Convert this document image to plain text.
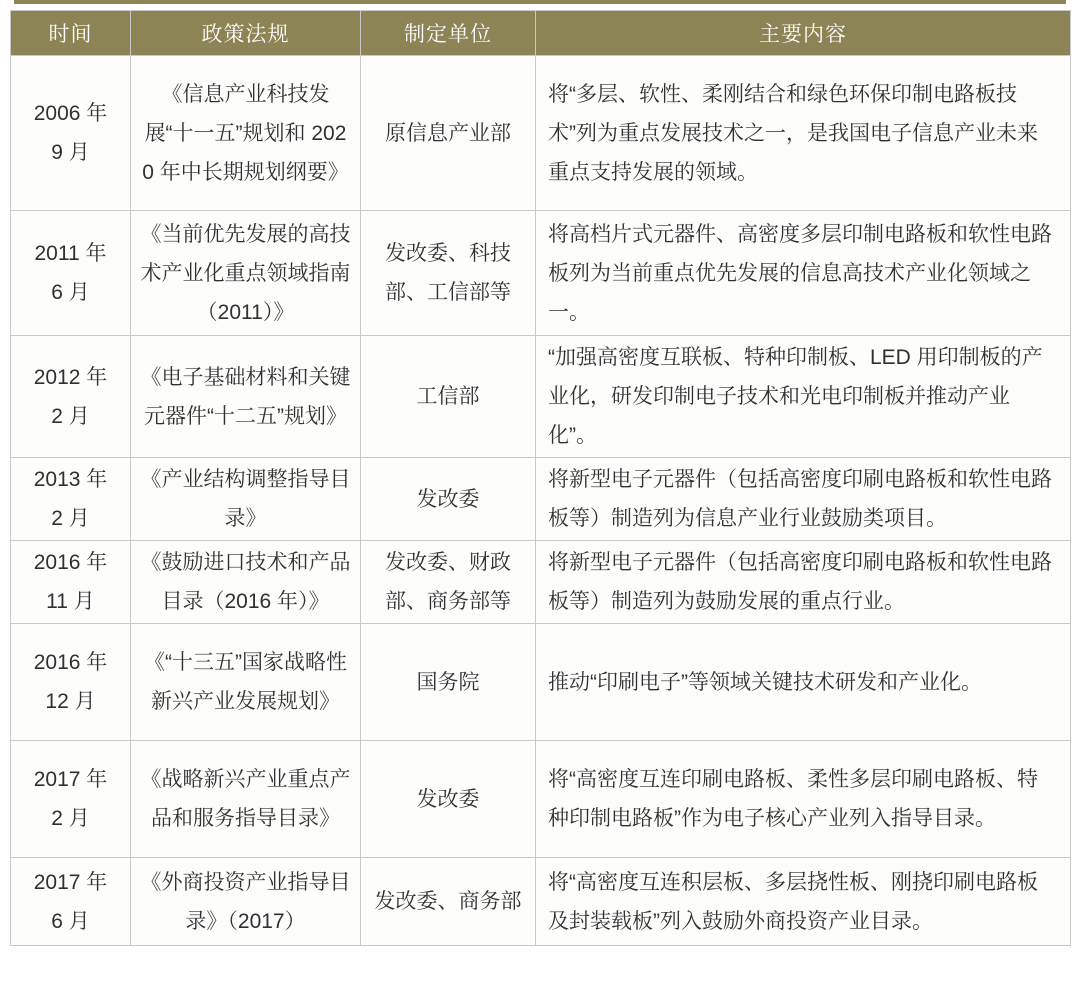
时间	政策法规	制定单位	主要内容

2006 年
9 月	《信息产业科技发展“十一五”规划和 2020 年中长期规划纲要》	原信息产业部	将“多层、软性、柔刚结合和绿色环保印制电路板技术”列为重点发展技术之一，是我国电子信息产业未来重点支持发展的领域。

2011 年
6 月	《当前优先发展的高技术产业化重点领域指南（2011）》	发改委、科技部、工信部等	将高档片式元器件、高密度多层印制电路板和软性电路板列为当前重点优先发展的信息高技术产业化领域之一。

2012 年
2 月	《电子基础材料和关键元器件“十二五”规划》	工信部	“加强高密度互联板、特种印制板、LED 用印制板的产业化，研发印制电子技术和光电印制板并推动产业化”。

2013 年
2 月	《产业结构调整指导目录》	发改委	将新型电子元器件（包括高密度印刷电路板和软性电路板等）制造列为信息产业行业鼓励类项目。

2016 年
11 月	《鼓励进口技术和产品目录（2016 年）》	发改委、财政部、商务部等	将新型电子元器件（包括高密度印刷电路板和软性电路板等）制造列为鼓励发展的重点行业。

2016 年
12 月	《“十三五”国家战略性新兴产业发展规划》	国务院	推动“印刷电子”等领域关键技术研发和产业化。

2017 年
2 月	《战略新兴产业重点产品和服务指导目录》	发改委	将“高密度互连印刷电路板、柔性多层印刷电路板、特种印制电路板”作为电子核心产业列入指导目录。

2017 年
6 月	《外商投资产业指导目录》（2017）	发改委、商务部	将“高密度互连积层板、多层挠性板、刚挠印刷电路板及封装载板”列入鼓励外商投资产业目录。
